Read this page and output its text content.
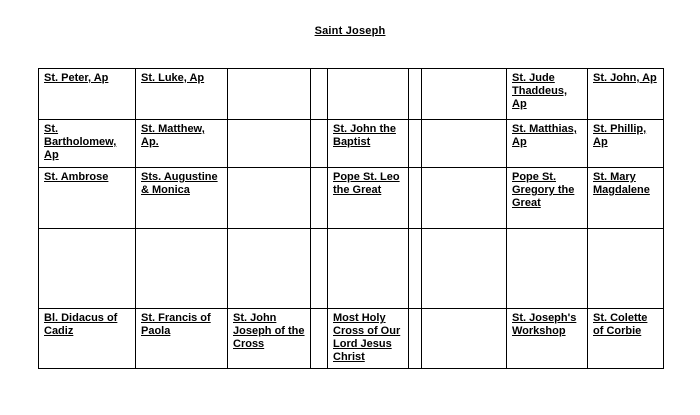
Saint Joseph
St. Peter, Ap	St. Luke, Ap						St. Jude Thaddeus, Ap	St. John, Ap
St. Bartholomew, Ap	St. Matthew, Ap.			St. John the Baptist			St. Matthias, Ap	St. Phillip, Ap
St. Ambrose	Sts. Augustine & Monica			Pope St. Leo the Great			Pope St. Gregory the Great	St. Mary Magdalene

Bl. Didacus of Cadiz	St. Francis of Paola	St. John Joseph of the Cross		Most Holy Cross of Our Lord Jesus Christ			St. Joseph's Workshop	St. Colette of Corbie
